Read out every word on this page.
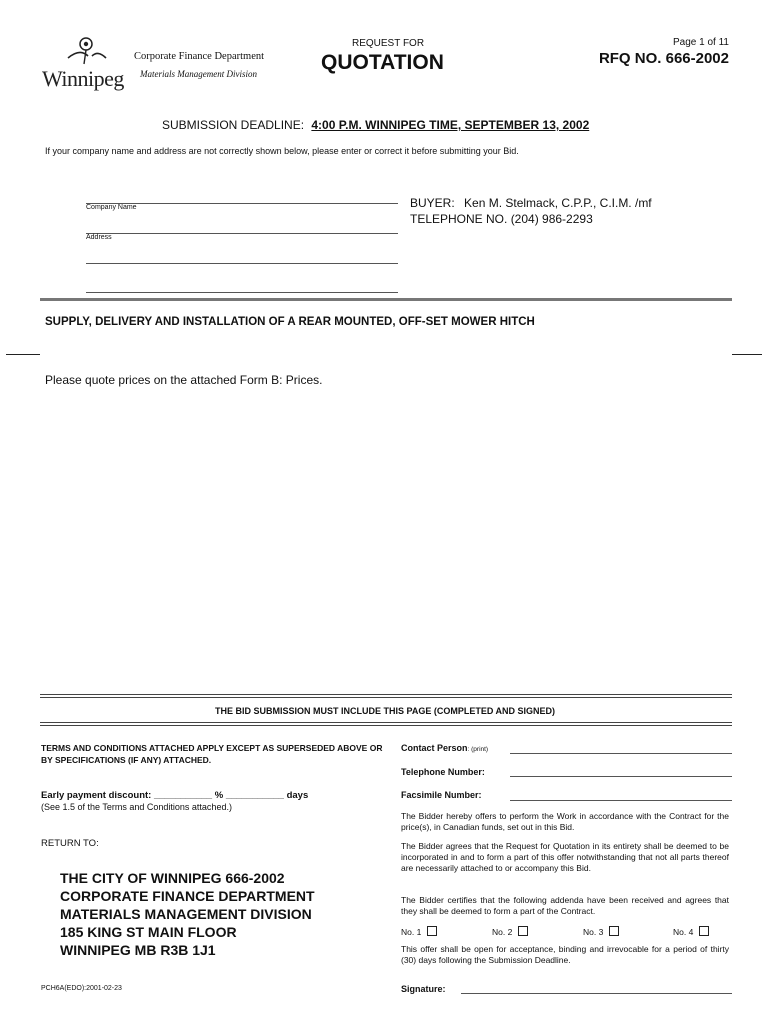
Winnipeg
Corporate Finance Department
Materials Management Division
REQUEST FOR
QUOTATION
Page 1 of 11
RFQ NO. 666-2002
SUBMISSION DEADLINE: 4:00 P.M. WINNIPEG TIME, SEPTEMBER 13, 2002
If your company name and address are not correctly shown below, please enter or correct it before submitting your Bid.
Company Name
Address
BUYER: Ken M. Stelmack, C.P.P., C.I.M. /mf
TELEPHONE NO. (204) 986-2293
SUPPLY, DELIVERY AND INSTALLATION OF A REAR MOUNTED, OFF-SET MOWER HITCH
Please quote prices on the attached Form B: Prices.
THE BID SUBMISSION MUST INCLUDE THIS PAGE (COMPLETED AND SIGNED)
TERMS AND CONDITIONS ATTACHED APPLY EXCEPT AS SUPERSEDED ABOVE OR BY SPECIFICATIONS (IF ANY) ATTACHED.
Early payment discount: ___________ % ___________ days
(See 1.5 of the Terms and Conditions attached.)
RETURN TO:
THE CITY OF WINNIPEG 666-2002
CORPORATE FINANCE DEPARTMENT
MATERIALS MANAGEMENT DIVISION
185 KING ST MAIN FLOOR
WINNIPEG MB R3B 1J1
PCH6A(EDO):2001-02-23
Contact Person: (print)
Telephone Number:
Facsimile Number:
The Bidder hereby offers to perform the Work in accordance with the Contract for the price(s), in Canadian funds, set out in this Bid.
The Bidder agrees that the Request for Quotation in its entirety shall be deemed to be incorporated in and to form a part of this offer notwithstanding that not all parts thereof are necessarily attached to or accompany this Bid.
The Bidder certifies that the following addenda have been received and agrees that they shall be deemed to form a part of the Contract.
No. 1	No. 2	No. 3	No. 4
This offer shall be open for acceptance, binding and irrevocable for a period of thirty (30) days following the Submission Deadline.
Signature:
